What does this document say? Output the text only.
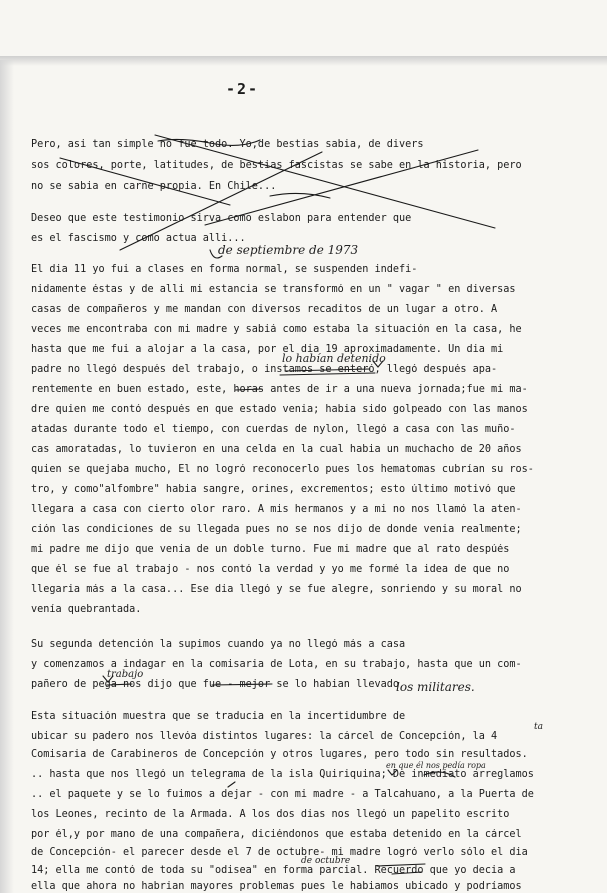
-2-
Pero, asi tan simple no fue todo. Yo,de bestias sabia, de divers
sos colores, porte, latitudes, de bestias fascistas se sabe en la historia, pero
no se sabia en carne propia. En Chile...
Deseo que este testimonio sirva como eslabon para entender que
es el fascismo y como actua alli...
El dia 11 yo fui a clases en forma normal, se suspenden indefi-
nidamente éstas y de alli mi estancia se transformó en un " vagar " en diversas
casas de compañeros y me mandan con diversos recaditos de un lugar a otro. A
veces me encontraba con mi madre y sabiá como estaba la situación en la casa, he
hasta que me fui a alojar a la casa, por el dia 19 aproximadamente. Un dia mi
padre no llegó después del trabajo, o instamos se enteró, llegó después apa-
rentemente en buen estado, este, horas antes de ir a una nueva jornada;fue mi ma-
dre quien me contó después en que estado venia; habia sido golpeado con las manos
atadas durante todo el tiempo, con cuerdas de nylon, llegó a casa con las muño-
cas amoratadas, lo tuvieron en una celda en la cual habia un muchacho de 20 años
quien se quejaba mucho, El no logró reconocerlo pues los hematomas cubrían su ros-
tro, y como"alfombre" habia sangre, orines, excrementos; esto último motivó que
llegara a casa con cierto olor raro. A mis hermanos y a mi no nos llamó la aten-
ción las condiciones de su llegada pues no se nos dijo de donde venia realmente;
mi padre me dijo que venia de un doble turno. Fue mi madre que al rato despúés
que él se fue al trabajo - nos contó la verdad y yo me formé la idea de que no
llegaria más a la casa... Ese dia llegó y se fue alegre, sonriendo y su moral no
venía quebrantada.
Su segunda detención la supimos cuando ya no llegó más a casa
y comenzamos a indagar en la comisaria de Lota, en su trabajo, hasta que un com-
pañero de pega nos dijo que fue - mejor se lo habian llevado
Esta situación muestra que se traducia en la incertidumbre de
ubicar su padero nos llevóa distintos lugares: la cárcel de Concepción, la 4
Comisaria de Carabineros de Concepción y otros lugares, pero todo sin resultados.
.. hasta que nos llegó un telegrama de la isla Quiriquina; De inmediato arreglamos
.. el paquete y se lo fuimos a dejar - con mi madre - a Talcahuano, a la Puerta de
los Leones, recinto de la Armada. A los dos dias nos llegó un papelito escrito
por él,y por mano de una compañera, diciéndonos que estaba detenido en la cárcel
de Concepción- el parecer desde el 7 de octubre- mi madre logró verlo sólo el dia
14; ella me contó de toda su "odisea" en forma parcial. Recuerdo que yo decia a
ella que ahora no habrian mayores problemas pues le habiamos ubicado y podríamos
de septiembre de 1973
lo habían detenido
trabajo
los militares.
ta
en que él nos pedía ropa
de octubre
